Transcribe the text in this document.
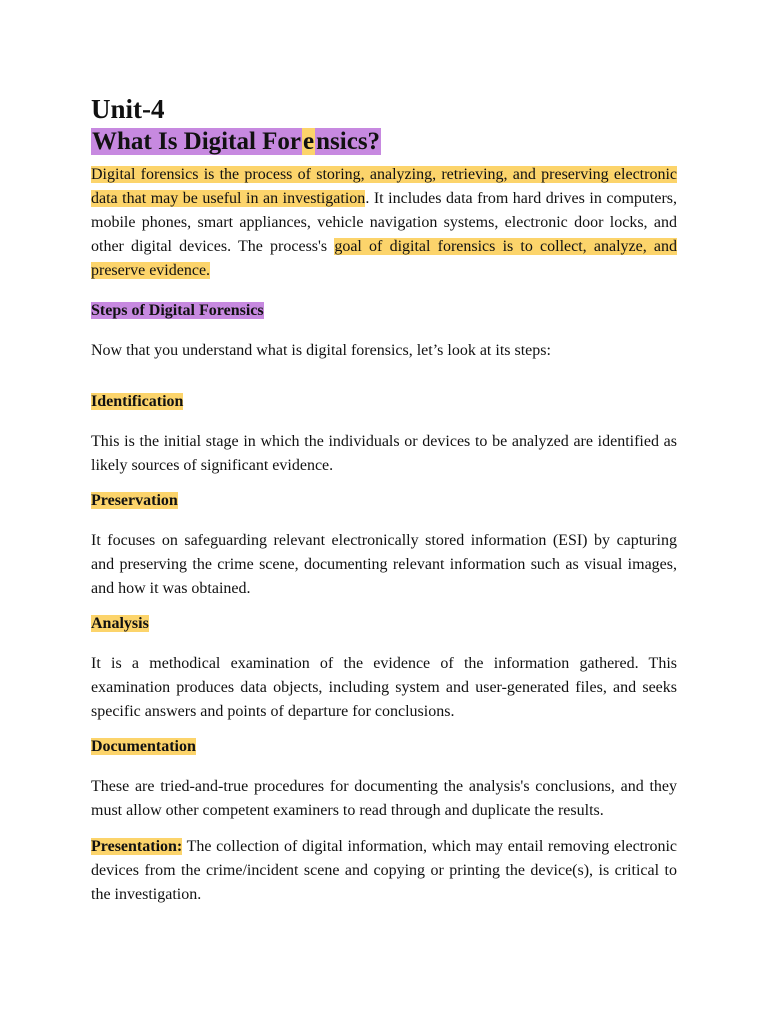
Unit-4
What Is Digital Forensics?

Digital forensics is the process of storing, analyzing, retrieving, and preserving electronic data that may be useful in an investigation. It includes data from hard drives in computers, mobile phones, smart appliances, vehicle navigation systems, electronic door locks, and other digital devices. The process's goal of digital forensics is to collect, analyze, and preserve evidence.

Steps of Digital Forensics

Now that you understand what is digital forensics, let’s look at its steps:

Identification

This is the initial stage in which the individuals or devices to be analyzed are identified as likely sources of significant evidence.

Preservation

It focuses on safeguarding relevant electronically stored information (ESI) by capturing and preserving the crime scene, documenting relevant information such as visual images, and how it was obtained.

Analysis

It is a methodical examination of the evidence of the information gathered. This examination produces data objects, including system and user-generated files, and seeks specific answers and points of departure for conclusions.

Documentation

These are tried-and-true procedures for documenting the analysis's conclusions, and they must allow other competent examiners to read through and duplicate the results.

Presentation: The collection of digital information, which may entail removing electronic devices from the crime/incident scene and copying or printing the device(s), is critical to the investigation.
